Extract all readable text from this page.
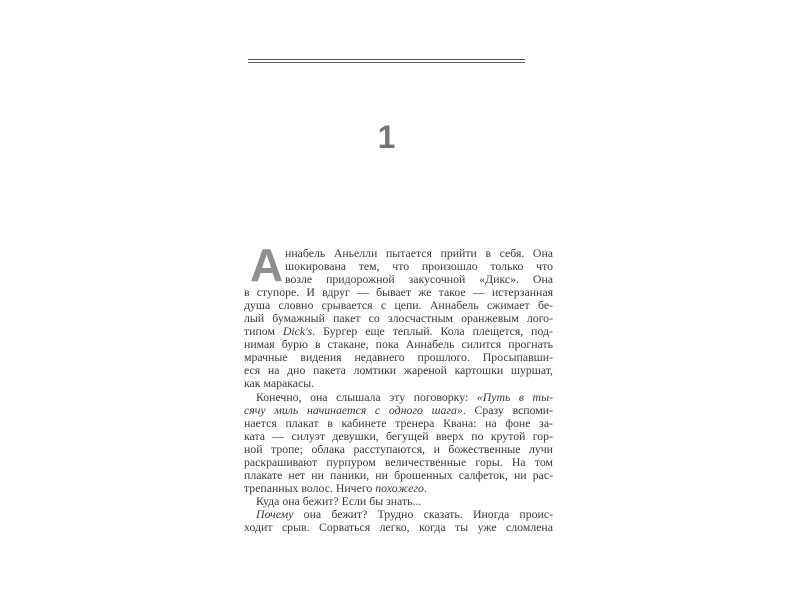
1
А ннабель Аньелли пытается прийти в себя. Она
шокирована тем, что произошло только что
возле придорожной закусочной «Дикс». Она
в ступоре. И вдруг — бывает же такое — истерзанная
душа словно срывается с цепи. Аннабель сжимает бе-
лый бумажный пакет со злосчастным оранжевым лого-
типом Dick's. Бургер еще теплый. Кола плещется, под-
нимая бурю в стакане, пока Аннабель силится прогнать
мрачные видения недавнего прошлого. Просыпавши-
еся на дно пакета ломтики жареной картошки шуршат,
как маракасы.
Конечно, она слышала эту поговорку: «Путь в ты-
сячу миль начинается с одного шага». Сразу вспоми-
нается плакат в кабинете тренера Квана: на фоне за-
ката — силуэт девушки, бегущей вверх по крутой гор-
ной тропе; облака расступаются, и божественные лучи
раскрашивают пурпуром величественные горы. На том
плакате нет ни паники, ни брошенных салфеток, ни рас-
трепанных волос. Ничего похожего.
Куда она бежит? Если бы знать...
Почему она бежит? Трудно сказать. Иногда проис-
ходит срыв. Сорваться легко, когда ты уже сломлена
